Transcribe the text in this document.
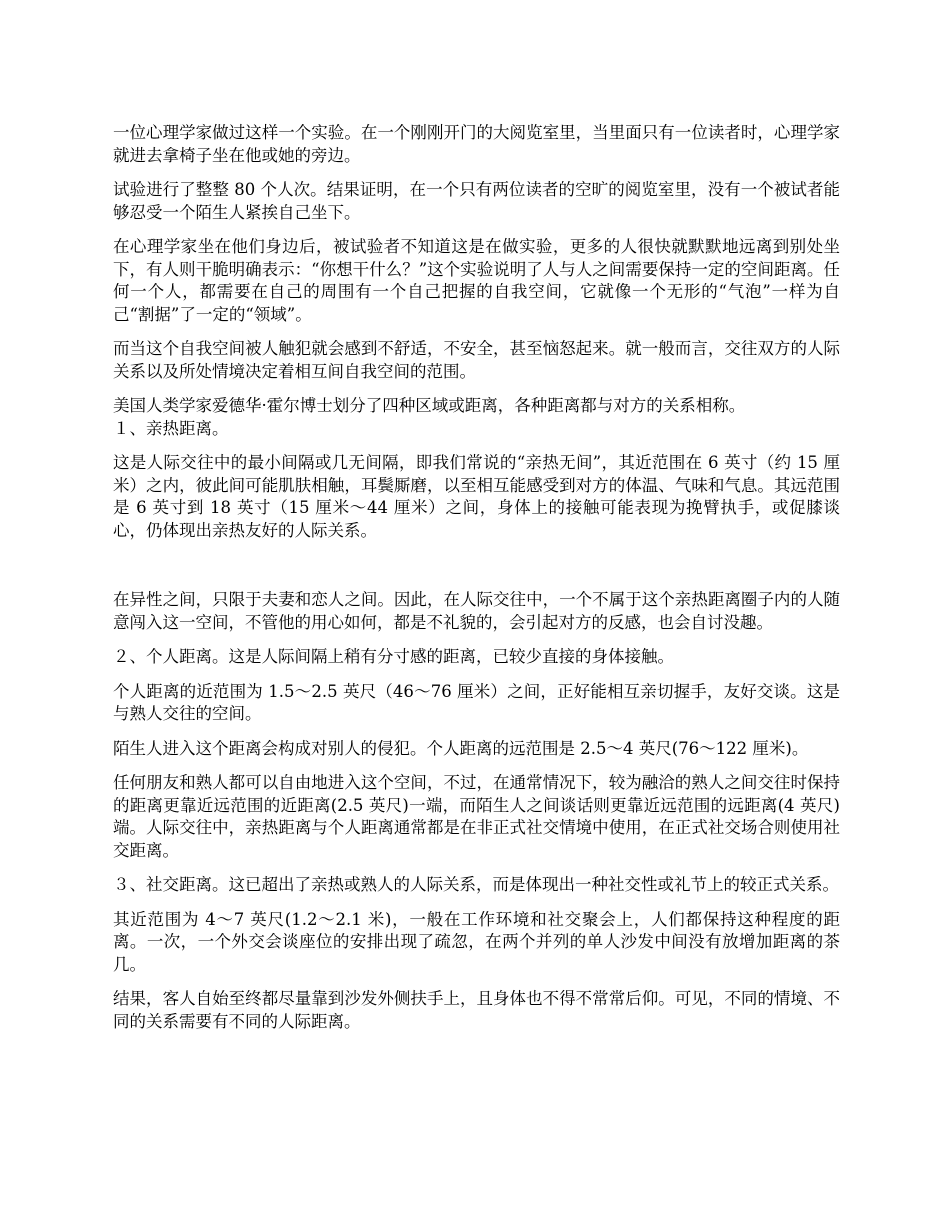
一位心理学家做过这样一个实验。在一个刚刚开门的大阅览室里，当里面只有一位读者时，心理学家就进去拿椅子坐在他或她的旁边。

试验进行了整整 80 个人次。结果证明，在一个只有两位读者的空旷的阅览室里，没有一个被试者能够忍受一个陌生人紧挨自己坐下。

在心理学家坐在他们身边后，被试验者不知道这是在做实验，更多的人很快就默默地远离到别处坐下，有人则干脆明确表示：“你想干什么？”这个实验说明了人与人之间需要保持一定的空间距离。任何一个人，都需要在自己的周围有一个自己把握的自我空间，它就像一个无形的“气泡”一样为自己“割据”了一定的“领域”。

而当这个自我空间被人触犯就会感到不舒适，不安全，甚至恼怒起来。就一般而言，交往双方的人际关系以及所处情境决定着相互间自我空间的范围。

美国人类学家爱德华·霍尔博士划分了四种区域或距离，各种距离都与对方的关系相称。

１、亲热距离。

这是人际交往中的最小间隔或几无间隔，即我们常说的“亲热无间”，其近范围在 6 英寸（约 15 厘米）之内，彼此间可能肌肤相触，耳鬓厮磨，以至相互能感受到对方的体温、气味和气息。其远范围是 6 英寸到 18 英寸（15 厘米～44 厘米）之间，身体上的接触可能表现为挽臂执手，或促膝谈心，仍体现出亲热友好的人际关系。

在异性之间，只限于夫妻和恋人之间。因此，在人际交往中，一个不属于这个亲热距离圈子内的人随意闯入这一空间，不管他的用心如何，都是不礼貌的，会引起对方的反感，也会自讨没趣。

２、个人距离。这是人际间隔上稍有分寸感的距离，已较少直接的身体接触。

个人距离的近范围为 1.5～2.5 英尺（46～76 厘米）之间，正好能相互亲切握手，友好交谈。这是与熟人交往的空间。

陌生人进入这个距离会构成对别人的侵犯。个人距离的远范围是 2.5～4 英尺(76～122 厘米)。

任何朋友和熟人都可以自由地进入这个空间，不过，在通常情况下，较为融洽的熟人之间交往时保持的距离更靠近远范围的近距离(2.5 英尺)一端，而陌生人之间谈话则更靠近远范围的远距离(4 英尺)端。人际交往中，亲热距离与个人距离通常都是在非正式社交情境中使用，在正式社交场合则使用社交距离。

３、社交距离。这已超出了亲热或熟人的人际关系，而是体现出一种社交性或礼节上的较正式关系。

其近范围为 4～7 英尺(1.2～2.1 米)，一般在工作环境和社交聚会上，人们都保持这种程度的距离。一次，一个外交会谈座位的安排出现了疏忽，在两个并列的单人沙发中间没有放增加距离的茶几。

结果，客人自始至终都尽量靠到沙发外侧扶手上，且身体也不得不常常后仰。可见，不同的情境、不同的关系需要有不同的人际距离。
